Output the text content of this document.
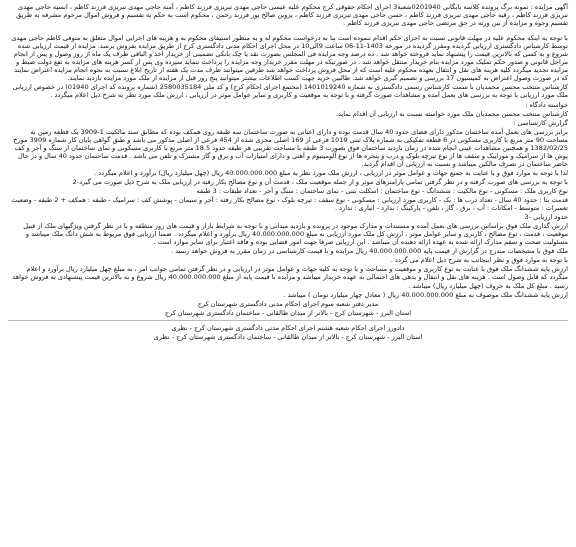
آگهی مزایده : نمونه برگ پرونده کلاسه بایگانی 0201940شعبه3 اجرای احکام حقوقی کرج محکوم علیه عیسی حاجی مهدی تبریزی فرزند کاظم ، آمنه حاجی مهدی تبریزی فرزند کاظم ، انسیه حاجی مهدی تبریزی فرزند کاظم ، رقیه حاجی مهدی تبریزی فرزند کاظم ، حسن حاجی مهدی تبریزی فرزند کاظم ، پروین صالح پور فرزند رحمن ، محکوم است به حکم به تقسیم و فروش اموال مرحوم مشرفه به طریق تقسیم وجوه و مزایده از بین ورثه در حق مرتضی حاجی مهدی تبریزی فرزند کاظم .

با توجه به اینکه محکوم علیه در مهلت قانونی نسبت به اجرای حکم اقدام ننموده است بنا به درخواست محکوم له و به منظور استیفای محکوم به و هزینه های اجرایی اموال متعلق به متوفی کاظم حاجی مهدی توسط کارشناس دادگستری ارزیابی گردیده ومقرر گردیده در مورخه 1403-11-06 ساعت 9الی10 در محل اجرای احکام مدنی دادگستری کرج از طریق مزایده بفروش برسد. مزایده از قیمت ارزیابی شده شروع و به کسی که بالاترین قیمت را پیشنهاد نماید فروخته خواهد شد . ده درصد وجه مزایده فی المجلس بصورت نقد یا چک بانکی تضمینی از خریدار اخذ و الباقی ظرف یک ماه از روز وصول و پس از انجام مراحل قانونی و صدور حکم تملیک مورد مزایده بنام خریدار منتقل خواهد شد . در صورتیکه در مهلت مقرر خریدار وجه مزایده را پرداخت ننماید سپرده وی پس از کسر هزینه های مزایده به نفع دولت ضبط و مزایده تجدید میگردد کلیه هزینه های نقل و انتقال بعهده محکوم علیه است که از محل فروش پرداخت خواهد شد طرفین میتوانند ظرف مدت یک هفته از تاریخ ابلاغ نسبت به نحوه انجام مزایده اعتراض نمایند که در صورت وصول اعتراض به کمیسیون 17 بررسی و تصمیم گیری خواهد شد. طالبین خرید جهت کسب اطلاعات بیشتر میتوانند پنج روز قبل از مزایده از ملک مورد مزایده بازدید نمایند.

کارشناس منتخب محسن محمدیان با سمت کارشناس رسمی دادگستری به شماره 1401019240 (مجتمع اجرای احکام کرج) و کد ملی 2580035184 (شماره پرونده کد اجرای 01940) در خصوص ارزیابی ملک مورد ارزیابی با توجه به بررسی های بعمل آمده و مشاهدات صورت گرفته و با توجه به موقعیت و کاربری و سایر عوامل موثر در ارزیابی ، ارزش ملک مورد نظر به شرح ذیل اعلام میگردد .

خواسته دادگاه :

کارشناس منتخب محسن محمدیان ملک مورد خواسته نسبت به ارزیابی آن اقدام نماید.

گزارش کارشناسی :

برابر بررسی های بعمل آمده ساختمان مذکور دارای فضای حدود 40 سال قدمت بوده و دارای اعیانی به صورت ساختمان سه طبقه روی همکف بوده که مطابق سند مالکیت 1-3909 یک قطعه زمین به مساحت 90 متر مربع با کاربری مسکونی در 6 قطعه تفکیکی به شماره پلاک ثبتی 1019 فرعی از 169 اصلی مجزی شده از 454 فرعی از اصلی مذکور می باشد و طبق گواهی پایان کار شماره 3909 مورخ 1382/02/25 و همچنین مشاهدات عینی انجام شده در زمان بازدید ساختمان فوق بصورت 3 طبقه با مساحت تقریبی هر طبقه حدود 18.5 متر مربع با کاربری مسکونی و نمای ساختمان از سنگ و آجر و کف پوش ها از سرامیک و موزاییک و سقف ها از نوع تیرچه بلوک و درب و پنجره ها از نوع آلومینیوم و آهنی و دارای امتیازات آب و برق و گاز مشترک و تلفن می باشد . قدمت ساختمان حدود 40 سال و در حال حاضر ساختمان در تصرف مالکین میباشد و نسبت به ارزیابی آن اقدام گردید.

لذا با توجه به موارد فوق و با عنایت به جمیع جهات و عوامل موثر در ارزیابی ، ارزش ملک مورد نظر به مبلغ 40.000.000.000 ریال (چهل میلیارد ریال) برآورد و اعلام میگردد .

با توجه به بررسی های صورت گرفته و در نظر گرفتن تمامی پارامترهای موثر و از جمله موقعیت ملک ، قدمت آن و نوع مصالح بکار رفته در ارزیابی ملک به شرح ذیل صورت می گیرد-2

نوع کاربری ملک : مسکونی - نوع مالکیت : ششدانگ - نوع ساختمان : اسکلت بتنی - نمای ساختمان : سنگ و آجر - تعداد طبقات : 3 طبقه

قدمت بنا : حدود 40 سال - تعداد درب ها : یک - کاربری مورد ارزیابی : مسکونی - نوع سقف : تیرچه بلوک - نوع مصالح بکار رفته : آجر و سیمان - پوشش کف : سرامیک - طبقه : همکف + 2 طبقه - وضعیت تعمیرات : متوسط - امکانات : آب ، برق ، گاز ، تلفن - پارکینگ : ندارد - انباری : ندارد .

حدود ارزیابی -3

ارزش گذاری ملک فوق براساس بررسی های بعمل آمده و مستندات و مدارک موجود در پرونده و بازدید میدانی و با توجه به شرایط بازار و قیمت های روز منطقه و با در نظر گرفتن ویژگیهای ملک از قبیل موقعیت ، قدمت ، نوع مصالح ، کاربری و سایر عوامل موثر ، ارزش کل ملک مورد ارزیابی به مبلغ 40.000.000.000 ریال برآورد و اعلام میگردد . ضمنا ارزیابی فوق مربوط به شش دانگ ملک میباشد و مسئولیت صحت و سقم مدارک ارائه شده به عهده ارائه دهنده آن میباشد . این ارزیابی صرفا جهت امور قضایی بوده و فاقد اعتبار برای سایر موارد است .

ملک فوق با مشخصات مندرج در گزارش از قیمت پایه 40.000.000.000 ریال مزایده و با قیمت کارشناسی در زمان مقرر به فروش خواهد رسید .

با توجه به موارد فوق و نظر اینجانب به شرح ذیل اعلام می گردد .

ارزش پایه ششدانگ ملک فوق با عنایت به نوع کاربری و موقعیت و مساحت و با توجه به کلیه جهات و عوامل موثر در ارزیابی و در نظر گرفتن تمامی جوانب امر ، به مبلغ چهل میلیارد ریال برآورد و اعلام میگردد که قابل وصول است . هزینه های نقل و انتقال و بدهی های احتمالی به عهده خریدار میباشد و مزایده با قیمت پایه از مبلغ 40.000.000.000 ریال شروع و به بالاترین قیمت پیشنهادی به فروش خواهد رسید . مبلغ کل ملک به حروف (چهل میلیارد ریال) میباشد .

ارزش پایه ششدانگ ملک موصوف به مبلغ 40.000.000.000 ریال ( معادل چهار میلیارد تومان ) میباشد .

مدیر دفتر شعبه سوم اجرای احکام مدنی دادگستری شهرستان کرج

استان البرز - شهرستان کرج - بالاتر از میدان طالقانی - ساختمان دادگستری شهرستان کرج

دادورز اجرای احکام شعبه هشتم اجرای احکام مدنی دادگستری شهرستان کرج - نظری

استان البرز - شهرستان کرج - بالاتر از میدان طالقانی - ساختمان دادگستری شهرستان کرج - نظری
